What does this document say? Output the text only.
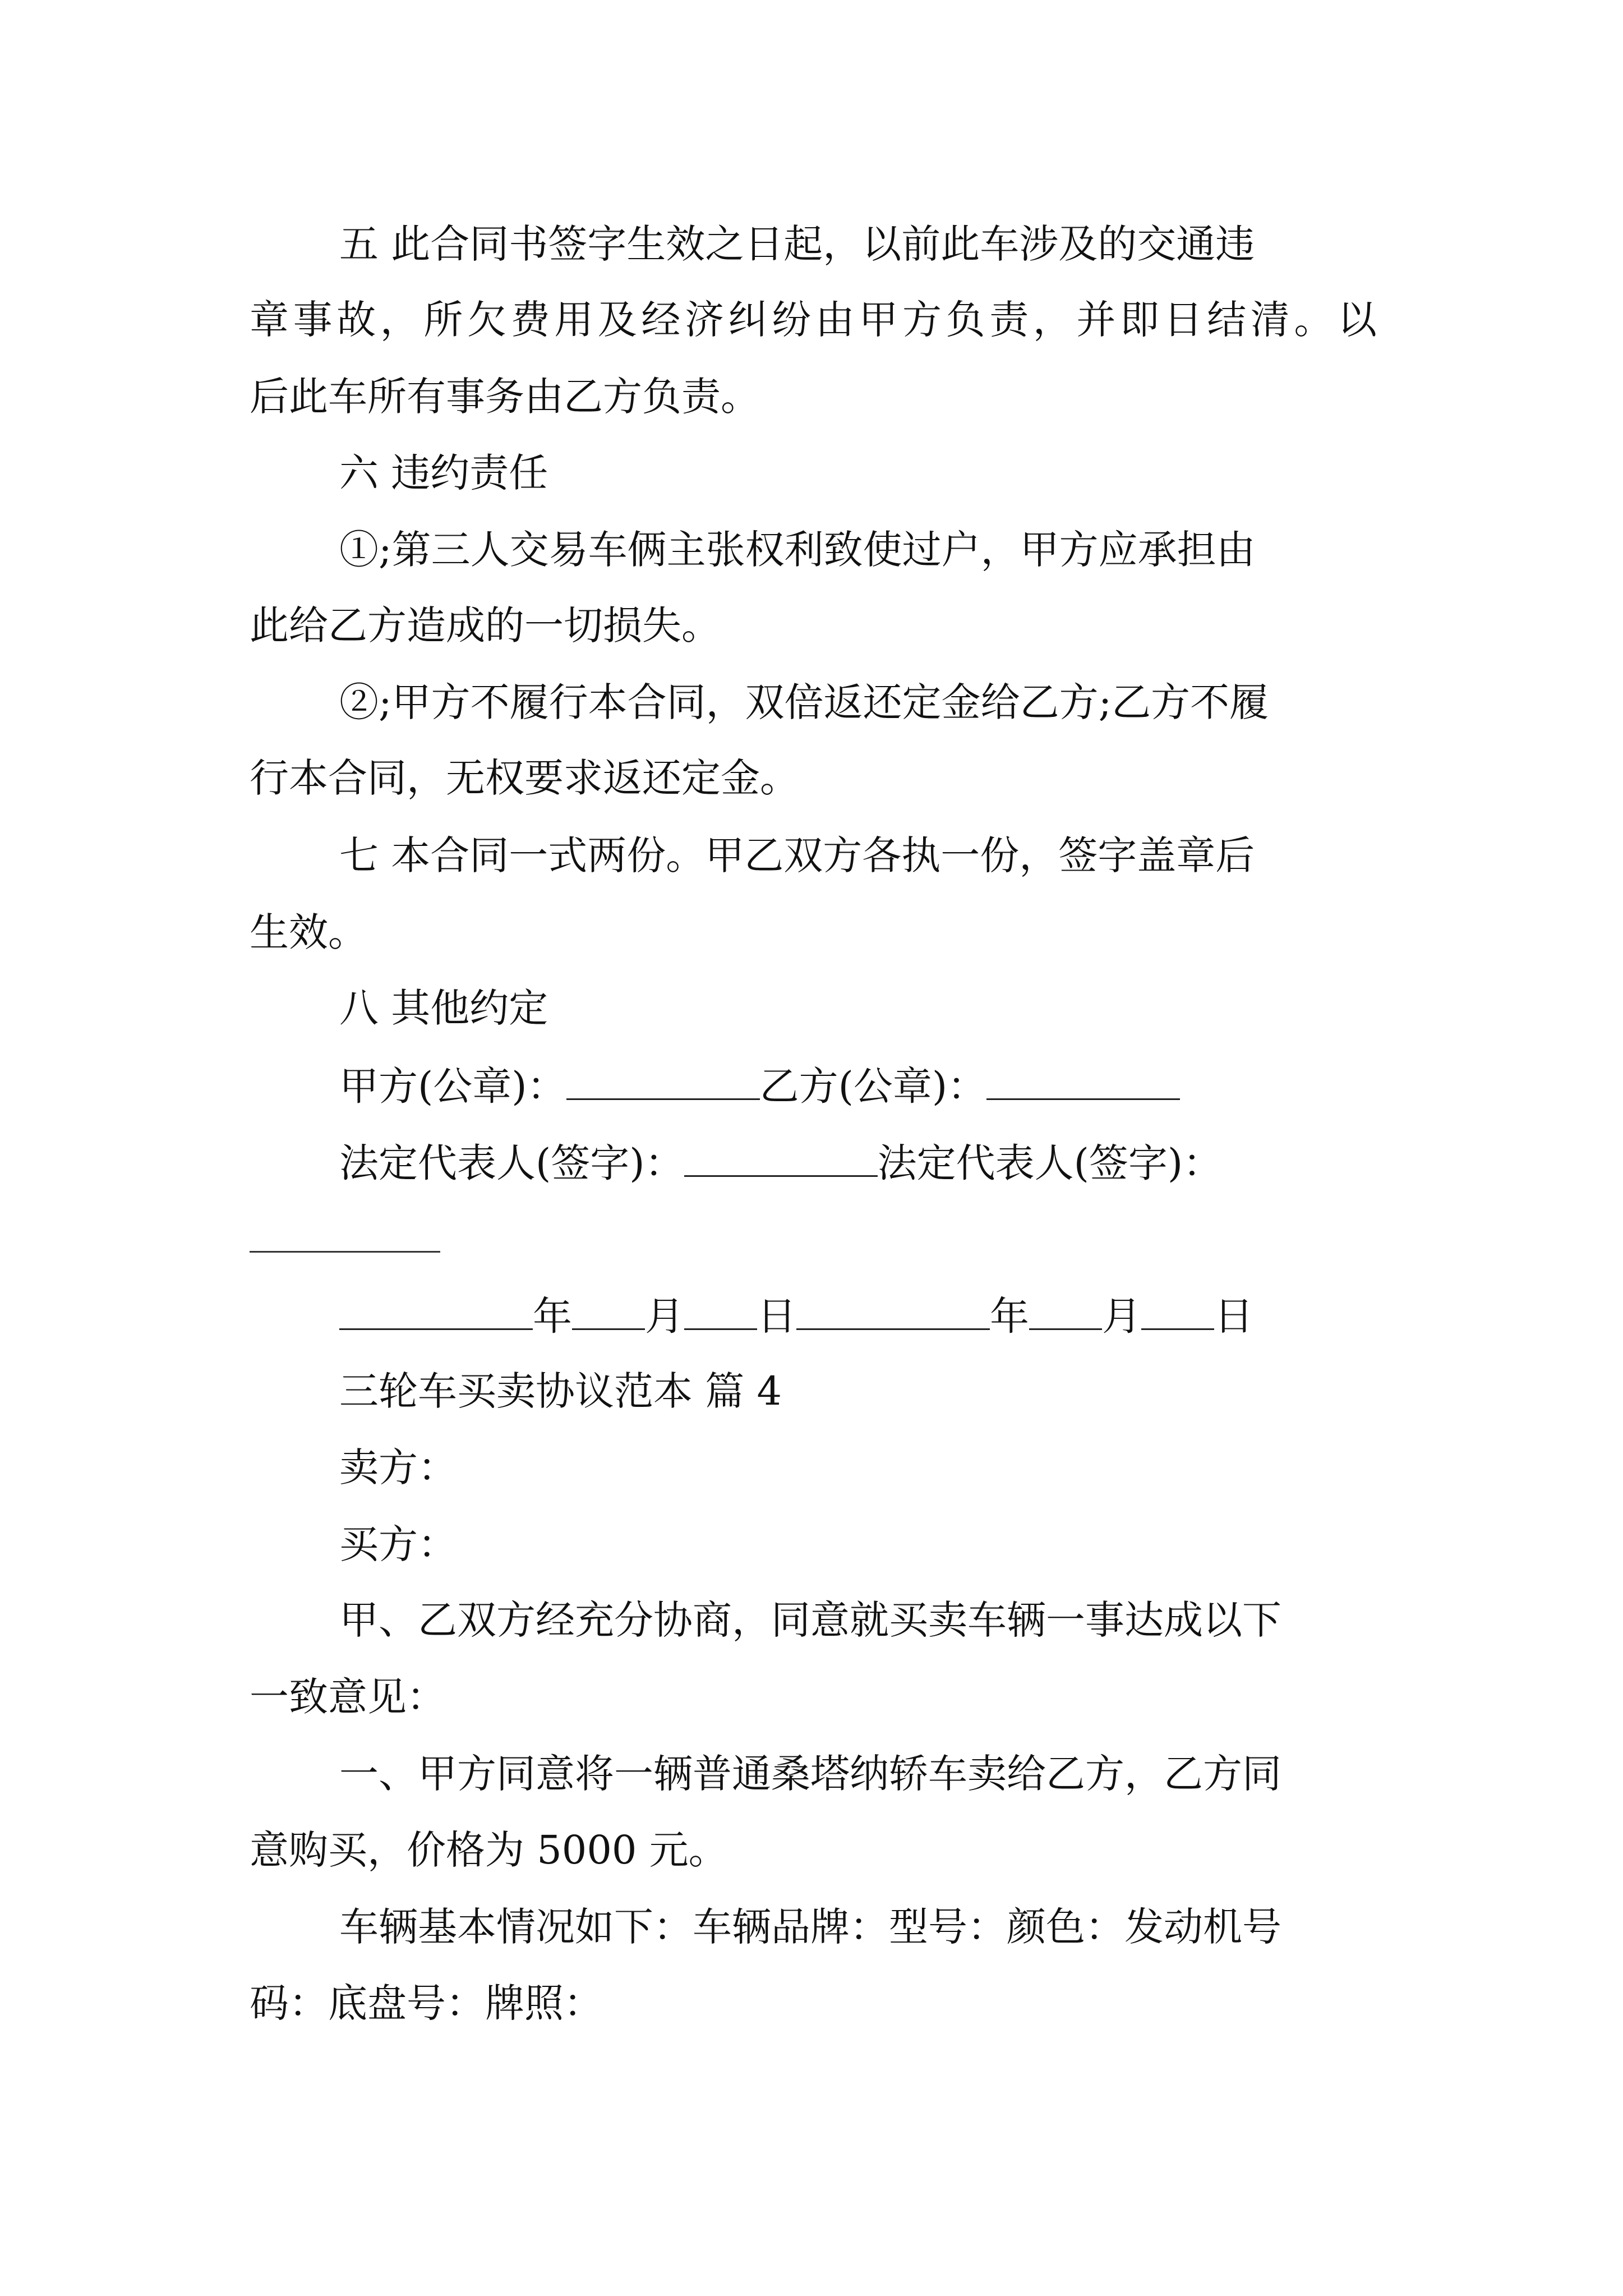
五 此合同书签字生效之日起，以前此车涉及的交通违
章事故，所欠费用及经济纠纷由甲方负责，并即日结清。以
后此车所有事务由乙方负责。
六 违约责任
①;第三人交易车俩主张权利致使过户，甲方应承担由
此给乙方造成的一切损失。
②;甲方不履行本合同，双倍返还定金给乙方;乙方不履
行本合同，无权要求返还定金。
七 本合同一式两份。甲乙双方各执一份，签字盖章后
生效。
八 其他约定
甲方(公章)：	乙方(公章)：
法定代表人(签字)：	法定代表人(签字)：
年 月 日	年 月 日
三轮车买卖协议范本 篇 4
卖方：
买方：
甲、乙双方经充分协商，同意就买卖车辆一事达成以下
一致意见：
一、甲方同意将一辆普通桑塔纳轿车卖给乙方，乙方同
意购买，价格为 5000 元。
车辆基本情况如下：车辆品牌：型号：颜色：发动机号
码：底盘号：牌照：
